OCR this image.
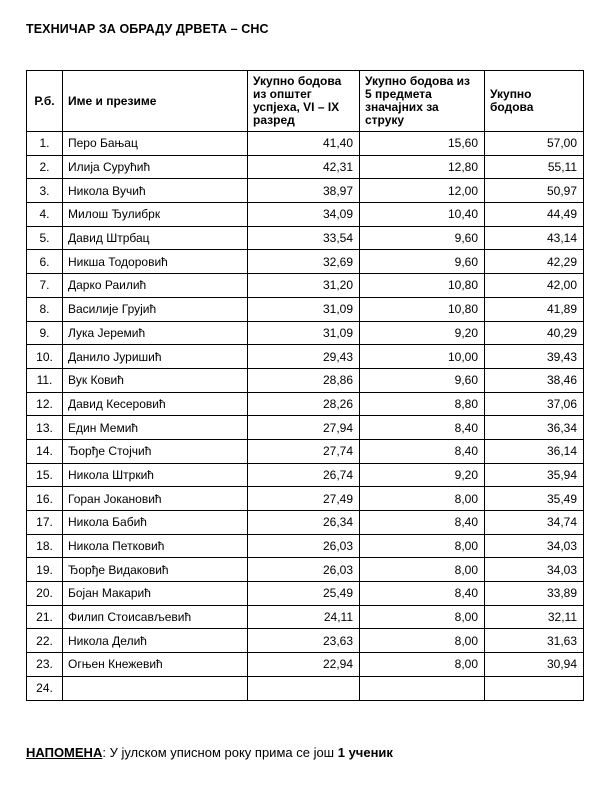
ТЕХНИЧАР ЗА ОБРАДУ ДРВЕТА – СНС
Р.б.	Име и презиме	Укупно бодова из општег успјеха, VI – IX разред	Укупно бодова из 5 предмета значајних за струку	Укупно бодова
1.	Перо Бањац	41,40	15,60	57,00
2.	Илија Сурућић	42,31	12,80	55,11
3.	Никола Вучић	38,97	12,00	50,97
4.	Милош Ђулибрк	34,09	10,40	44,49
5.	Давид Штрбац	33,54	9,60	43,14
6.	Никша Тодоровић	32,69	9,60	42,29
7.	Дарко Раилић	31,20	10,80	42,00
8.	Василије Грујић	31,09	10,80	41,89
9.	Лука Јеремић	31,09	9,20	40,29
10.	Данило Јуришић	29,43	10,00	39,43
11.	Вук Ковић	28,86	9,60	38,46
12.	Давид Кесеровић	28,26	8,80	37,06
13.	Един Мемић	27,94	8,40	36,34
14.	Ђорђе Стојчић	27,74	8,40	36,14
15.	Никола Штркић	26,74	9,20	35,94
16.	Горан Јокановић	27,49	8,00	35,49
17.	Никола Бабић	26,34	8,40	34,74
18.	Никола Петковић	26,03	8,00	34,03
19.	Ђорђе Видаковић	26,03	8,00	34,03
20.	Бојан Макарић	25,49	8,40	33,89
21.	Филип Стоисављевић	24,11	8,00	32,11
22.	Никола Делић	23,63	8,00	31,63
23.	Огњен Кнежевић	22,94	8,00	30,94
24.				
НАПОМЕНА: У јулском уписном року прима се још 1 ученик
